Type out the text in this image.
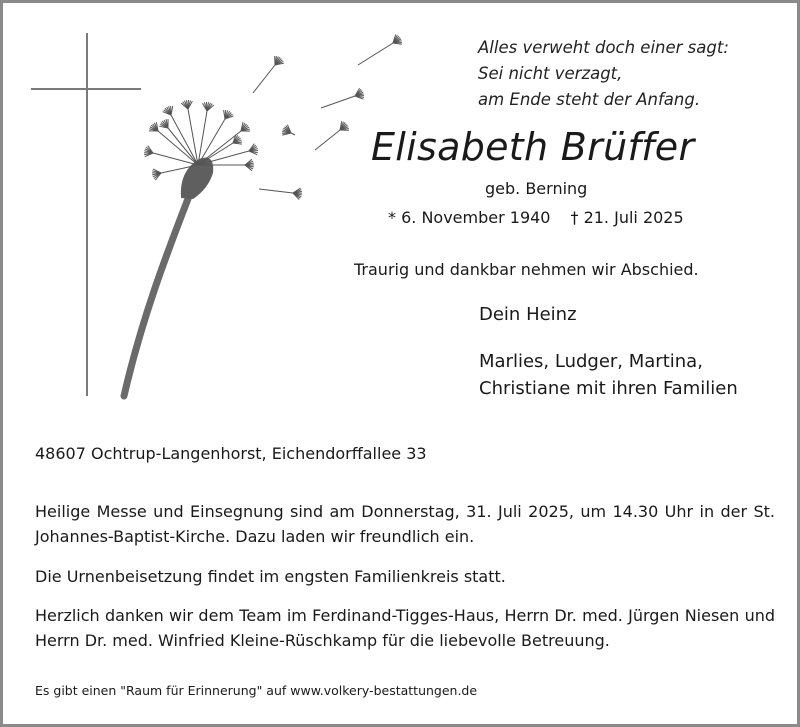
Alles verweht doch einer sagt:
Sei nicht verzagt,
am Ende steht der Anfang.
Elisabeth Brüffer
geb. Berning
* 6. November 1940 † 21. Juli 2025
Traurig und dankbar nehmen wir Abschied.
Dein Heinz
Marlies, Ludger, Martina,
Christiane mit ihren Familien
48607 Ochtrup-Langenhorst, Eichendorffallee 33
Heilige Messe und Einsegnung sind am Donnerstag, 31. Juli 2025, um 14.30 Uhr in der St. Johannes-Baptist-Kirche. Dazu laden wir freundlich ein.
Die Urnenbeisetzung findet im engsten Familienkreis statt.
Herzlich danken wir dem Team im Ferdinand-Tigges-Haus, Herrn Dr. med. Jürgen Niesen und Herrn Dr. med. Winfried Kleine-Rüschkamp für die liebevolle Betreuung.
Es gibt einen "Raum für Erinnerung" auf www.volkery-bestattungen.de
